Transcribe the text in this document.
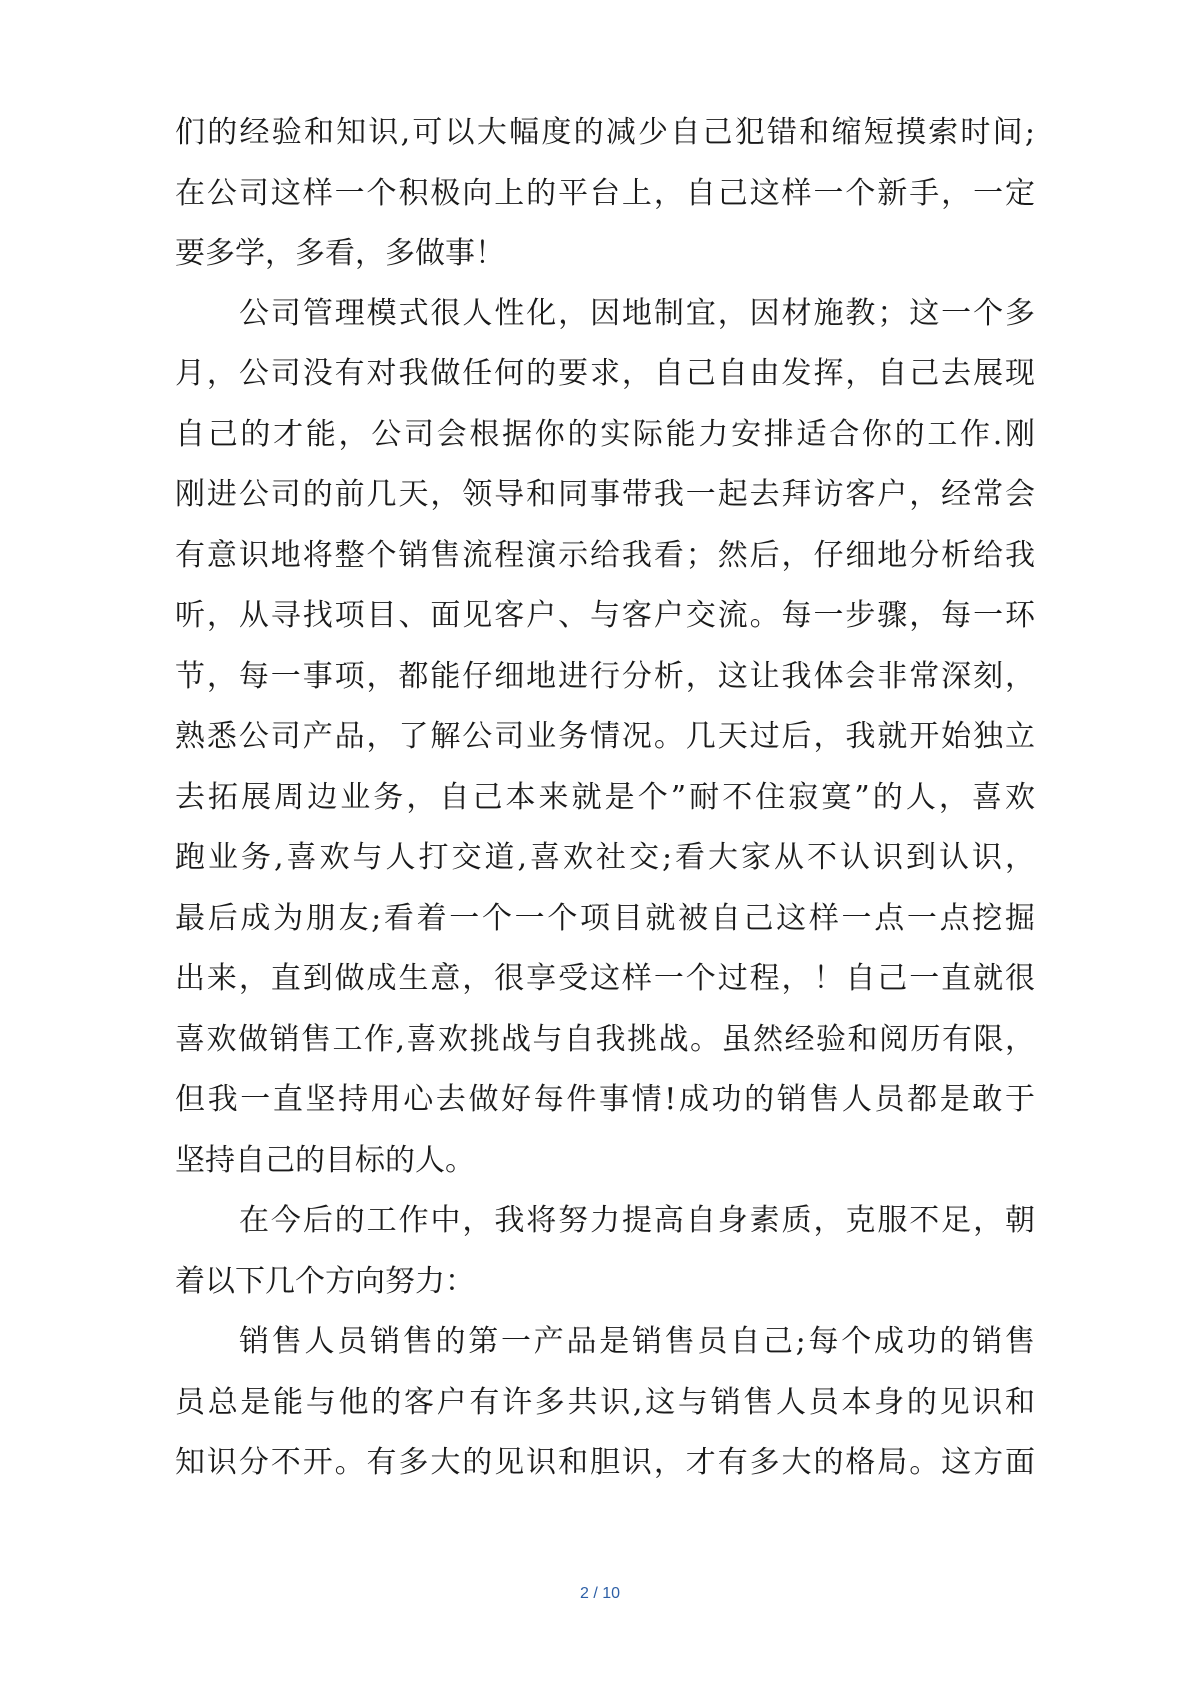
们的经验和知识,可以大幅度的减少自己犯错和缩短摸索时间;
在公司这样一个积极向上的平台上，自己这样一个新手，一定
要多学，多看，多做事！
公司管理模式很人性化，因地制宜，因材施教；这一个多
月，公司没有对我做任何的要求，自己自由发挥，自己去展现
自己的才能，公司会根据你的实际能力安排适合你的工作.刚
刚进公司的前几天，领导和同事带我一起去拜访客户，经常会
有意识地将整个销售流程演示给我看；然后，仔细地分析给我
听，从寻找项目、面见客户、与客户交流。每一步骤，每一环
节，每一事项，都能仔细地进行分析，这让我体会非常深刻，
熟悉公司产品，了解公司业务情况。几天过后，我就开始独立
去拓展周边业务，自己本来就是个”耐不住寂寞”的人，喜欢
跑业务,喜欢与人打交道,喜欢社交;看大家从不认识到认识，
最后成为朋友;看着一个一个项目就被自己这样一点一点挖掘
出来，直到做成生意，很享受这样一个过程，！自己一直就很
喜欢做销售工作,喜欢挑战与自我挑战。虽然经验和阅历有限，
但我一直坚持用心去做好每件事情!成功的销售人员都是敢于
坚持自己的目标的人。
在今后的工作中，我将努力提高自身素质，克服不足，朝
着以下几个方向努力：
销售人员销售的第一产品是销售员自己;每个成功的销售
员总是能与他的客户有许多共识,这与销售人员本身的见识和
知识分不开。有多大的见识和胆识，才有多大的格局。这方面
2 / 10
